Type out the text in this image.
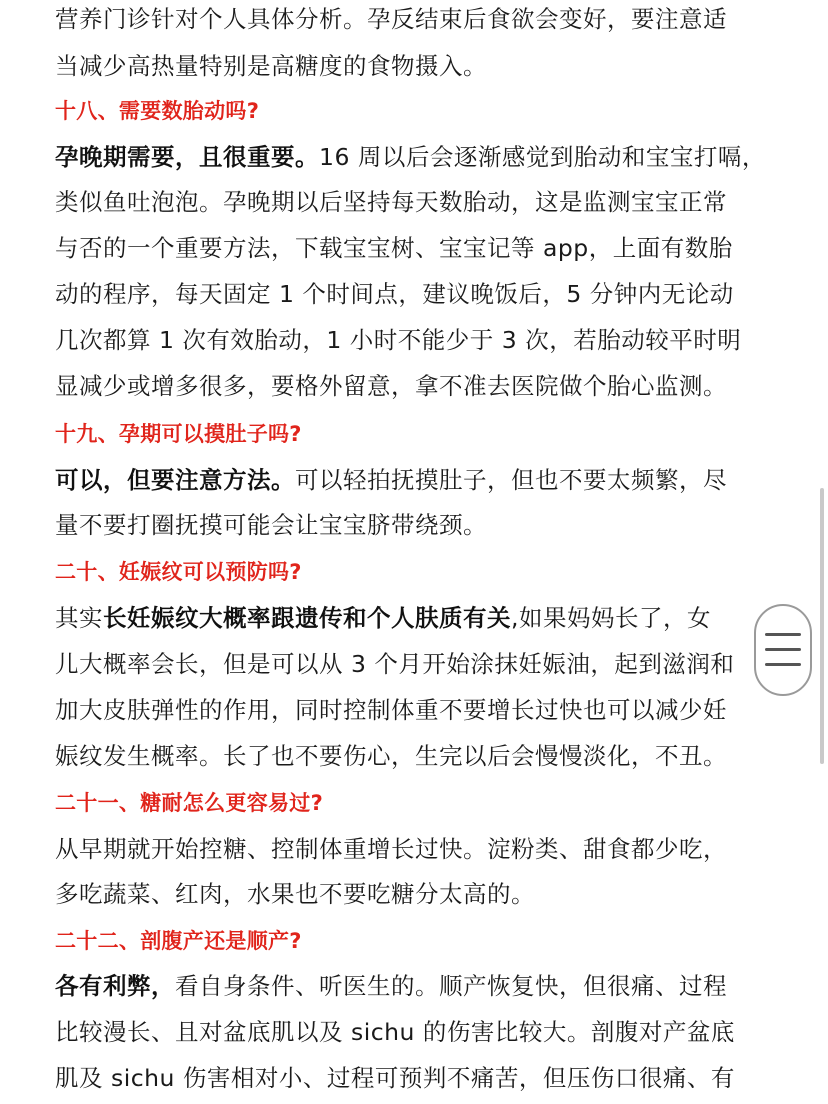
营养门诊针对个人具体分析。孕反结束后食欲会变好，要注意适
当减少高热量特别是高糖度的食物摄入。
十八、需要数胎动吗?
孕晚期需要，且很重要。16 周以后会逐渐感觉到胎动和宝宝打嗝，
类似鱼吐泡泡。孕晚期以后坚持每天数胎动，这是监测宝宝正常
与否的一个重要方法，下载宝宝树、宝宝记等 app，上面有数胎
动的程序，每天固定 1 个时间点，建议晚饭后，5 分钟内无论动
几次都算 1 次有效胎动，1 小时不能少于 3 次，若胎动较平时明
显减少或增多很多，要格外留意，拿不准去医院做个胎心监测。
十九、孕期可以摸肚子吗?
可以，但要注意方法。可以轻拍抚摸肚子，但也不要太频繁，尽
量不要打圈抚摸可能会让宝宝脐带绕颈。
二十、妊娠纹可以预防吗?
其实长妊娠纹大概率跟遗传和个人肤质有关,如果妈妈长了，女
儿大概率会长，但是可以从 3 个月开始涂抹妊娠油，起到滋润和
加大皮肤弹性的作用，同时控制体重不要增长过快也可以减少妊
娠纹发生概率。长了也不要伤心，生完以后会慢慢淡化，不丑。
二十一、糖耐怎么更容易过?
从早期就开始控糖、控制体重增长过快。淀粉类、甜食都少吃，
多吃蔬菜、红肉，水果也不要吃糖分太高的。
二十二、剖腹产还是顺产?
各有利弊，看自身条件、听医生的。顺产恢复快，但很痛、过程
比较漫长、且对盆底肌以及 sichu 的伤害比较大。剖腹对产盆底
肌及 sichu 伤害相对小、过程可预判不痛苦，但压伤口很痛、有
